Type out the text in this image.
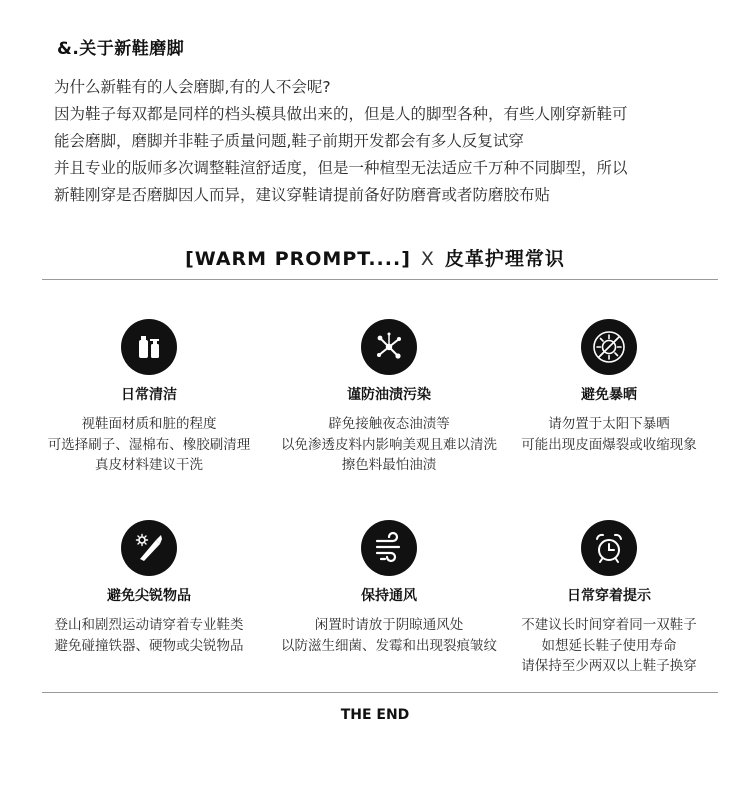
&.关于新鞋磨脚
为什么新鞋有的人会磨脚,有的人不会呢?
因为鞋子每双都是同样的档头模具做出来的，但是人的脚型各种，有些人刚穿新鞋可
能会磨脚，磨脚并非鞋子质量问题,鞋子前期开发都会有多人反复试穿
并且专业的版师多次调整鞋渲舒适度，但是一种楦型无法适应千万种不同脚型，所以
新鞋刚穿是否磨脚因人而异，建议穿鞋请提前备好防磨膏或者防磨胶布贴
[WARM PROMPT....] X 皮革护理常识
日常清洁
视鞋面材质和脏的程度
可选择刷子、湿棉布、橡胶刷清理
真皮材料建议干洗
谨防油渍污染
辟免接触夜态油渍等
以免渗透皮料内影响美观且难以清洗
擦色料最怕油渍
避免暴晒
请勿置于太阳下暴晒
可能出现皮面爆裂或收缩现象
避免尖锐物品
登山和剧烈运动请穿着专业鞋类
避免碰撞铁器、硬物或尖锐物品
保持通风
闲置时请放于阴晾通风处
以防滋生细菌、发霉和出现裂痕皱纹
日常穿着提示
不建议长时间穿着同一双鞋子
如想延长鞋子使用寿命
请保持至少两双以上鞋子换穿
THE END
